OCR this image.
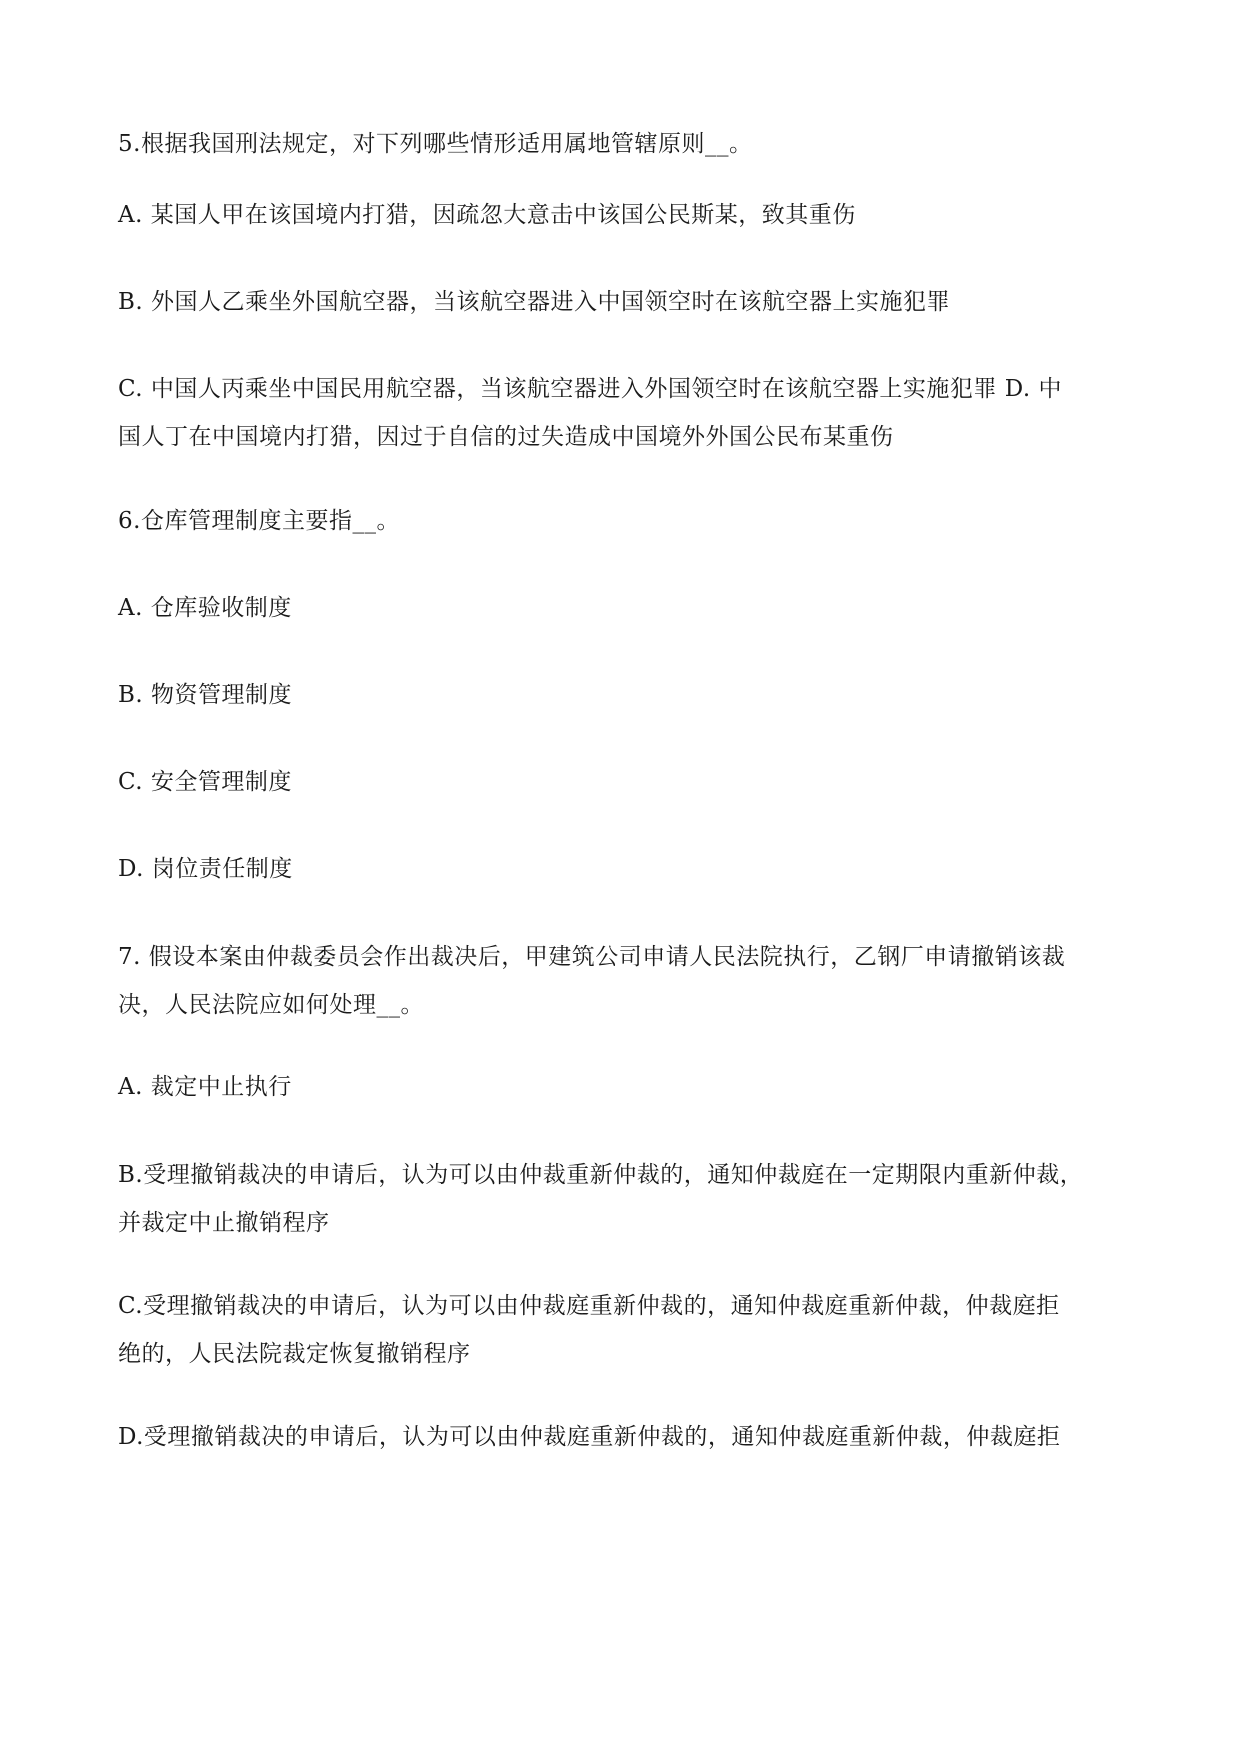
5.根据我国刑法规定，对下列哪些情形适用属地管辖原则__。
A. 某国人甲在该国境内打猎，因疏忽大意击中该国公民斯某，致其重伤
B. 外国人乙乘坐外国航空器，当该航空器进入中国领空时在该航空器上实施犯罪
C. 中国人丙乘坐中国民用航空器，当该航空器进入外国领空时在该航空器上实施犯罪 D. 中
国人丁在中国境内打猎，因过于自信的过失造成中国境外外国公民布某重伤
6.仓库管理制度主要指__。
A. 仓库验收制度
B. 物资管理制度
C. 安全管理制度
D. 岗位责任制度
7. 假设本案由仲裁委员会作出裁决后，甲建筑公司申请人民法院执行，乙钢厂申请撤销该裁
决，人民法院应如何处理__。
A. 裁定中止执行
B.受理撤销裁决的申请后，认为可以由仲裁重新仲裁的，通知仲裁庭在一定期限内重新仲裁，
并裁定中止撤销程序
C.受理撤销裁决的申请后，认为可以由仲裁庭重新仲裁的，通知仲裁庭重新仲裁，仲裁庭拒
绝的，人民法院裁定恢复撤销程序
D.受理撤销裁决的申请后，认为可以由仲裁庭重新仲裁的，通知仲裁庭重新仲裁，仲裁庭拒
